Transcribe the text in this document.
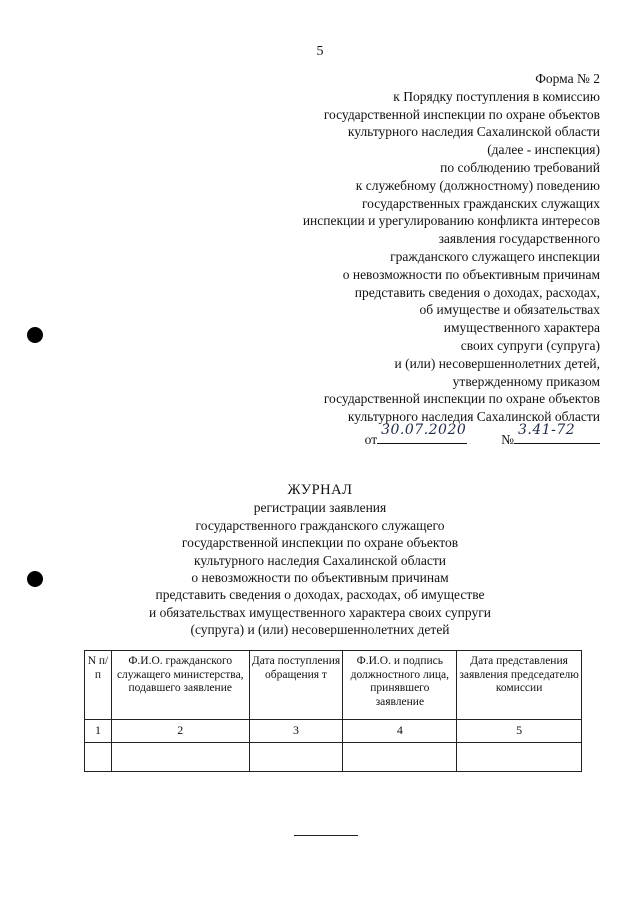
5
Форма № 2
к Порядку поступления в комиссию
государственной инспекции по охране объектов
культурного наследия Сахалинской области
(далее - инспекция)
по соблюдению требований
к служебному (должностному) поведению
государственных гражданских служащих
инспекции и урегулированию конфликта интересов
заявления государственного
гражданского служащего инспекции
о невозможности по объективным причинам
представить сведения о доходах, расходах,
об имуществе и обязательствах
имущественного характера
своих супруги (супруга)
и (или) несовершеннолетних детей,
утвержденному приказом
государственной инспекции по охране объектов
культурного наследия Сахалинской области
от
30.07.2020
№
3.41-72
ЖУРНАЛ
регистрации заявления
государственного гражданского служащего
государственной инспекции по охране объектов
культурного наследия Сахалинской области
о невозможности по объективным причинам
представить сведения о доходах, расходах, об имуществе
и обязательствах имущественного характера своих супруги
(супруга) и (или) несовершеннолетних детей
N п/п	Ф.И.О. гражданского служащего министерства, подавшего заявление	Дата поступления обращения т	Ф.И.О. и подпись должностного лица, принявшего заявление	Дата представления заявления председателю комиссии
1	2	3	4	5
